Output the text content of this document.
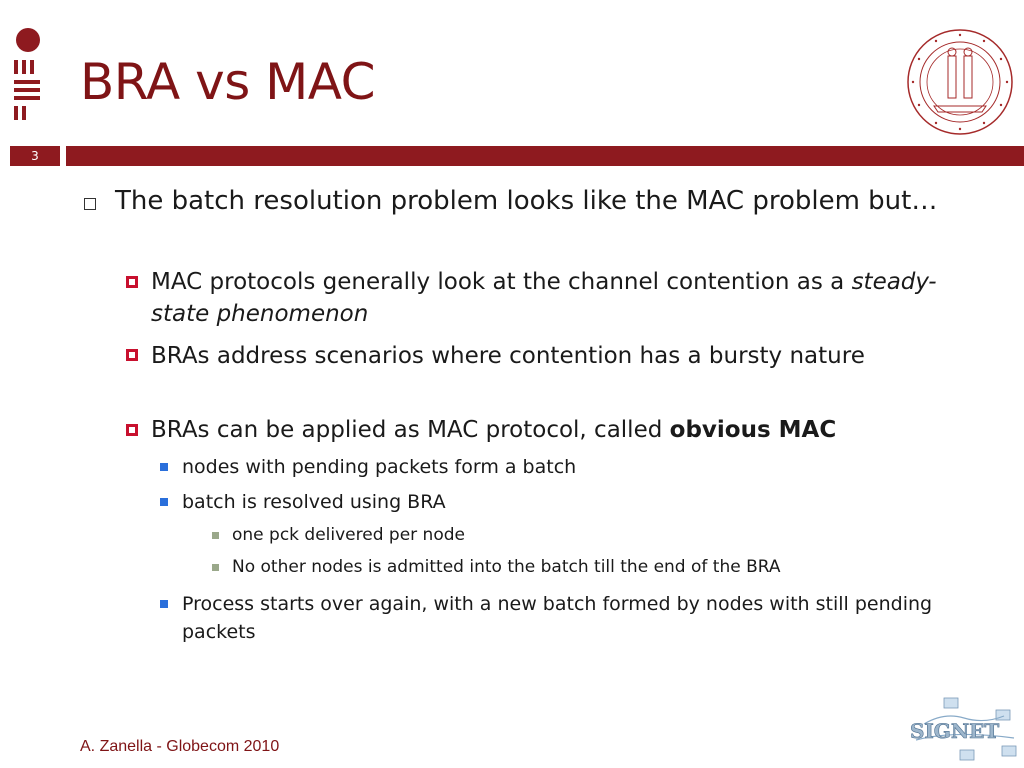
BRA vs MAC
3
The batch resolution problem looks like the MAC problem but…
MAC protocols generally look at the channel contention as a steady-state phenomenon
BRAs address scenarios where contention has a bursty nature
BRAs can be applied as MAC protocol, called obvious MAC
nodes with pending packets form a batch
batch is resolved using BRA
one pck delivered per node
No other nodes is admitted into the batch till the end of the BRA
Process starts over again, with a new batch formed by nodes with still pending packets
A. Zanella - Globecom 2010
SIGNET
